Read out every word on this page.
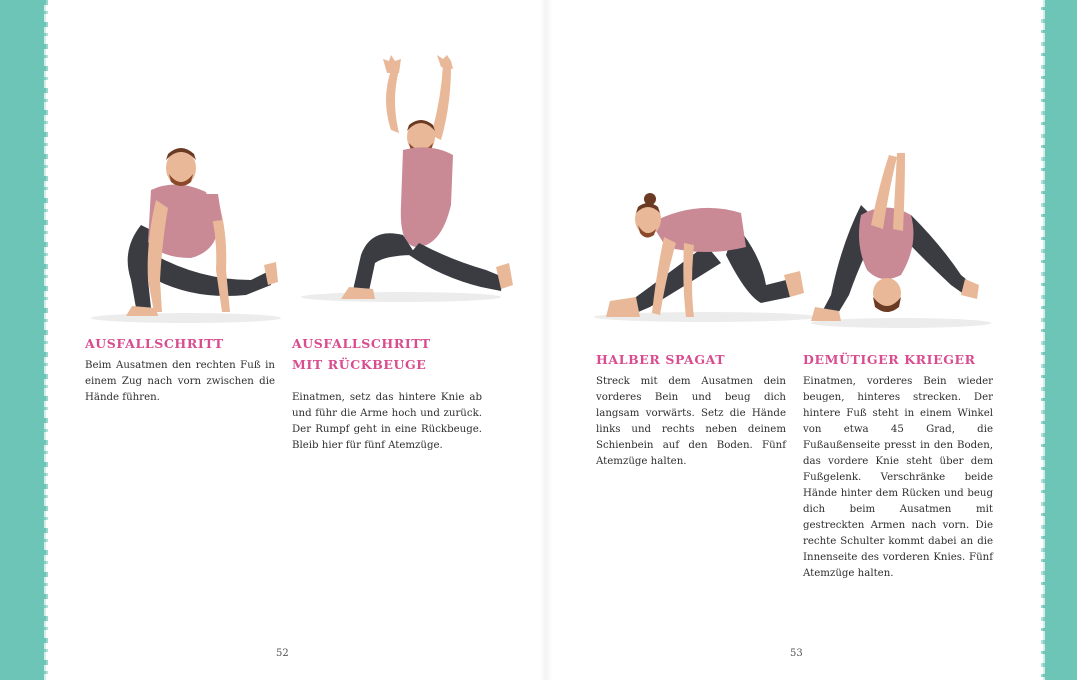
AUSFALLSCHRITT

Beim Ausatmen den rechten Fuß in einem Zug nach vorn zwischen die Hände führen.

AUSFALLSCHRITT
MIT RÜCKBEUGE

Einatmen, setz das hintere Knie ab und führ die Arme hoch und zurück. Der Rumpf geht in eine Rückbeuge. Bleib hier für fünf Atemzüge.

52
HALBER SPAGAT

Streck mit dem Ausatmen dein vorderes Bein und beug dich langsam vorwärts. Setz die Hände links und rechts neben deinem Schienbein auf den Boden. Fünf Atemzüge halten.

DEMÜTIGER KRIEGER

Einatmen, vorderes Bein wieder beugen, hinteres strecken. Der hintere Fuß steht in einem Winkel von etwa 45 Grad, die Fußaußenseite presst in den Boden, das vordere Knie steht über dem Fußgelenk. Verschränke beide Hände hinter dem Rücken und beug dich beim Ausatmen mit gestreckten Armen nach vorn. Die rechte Schulter kommt dabei an die Innenseite des vorderen Knies. Fünf Atemzüge halten.

53
